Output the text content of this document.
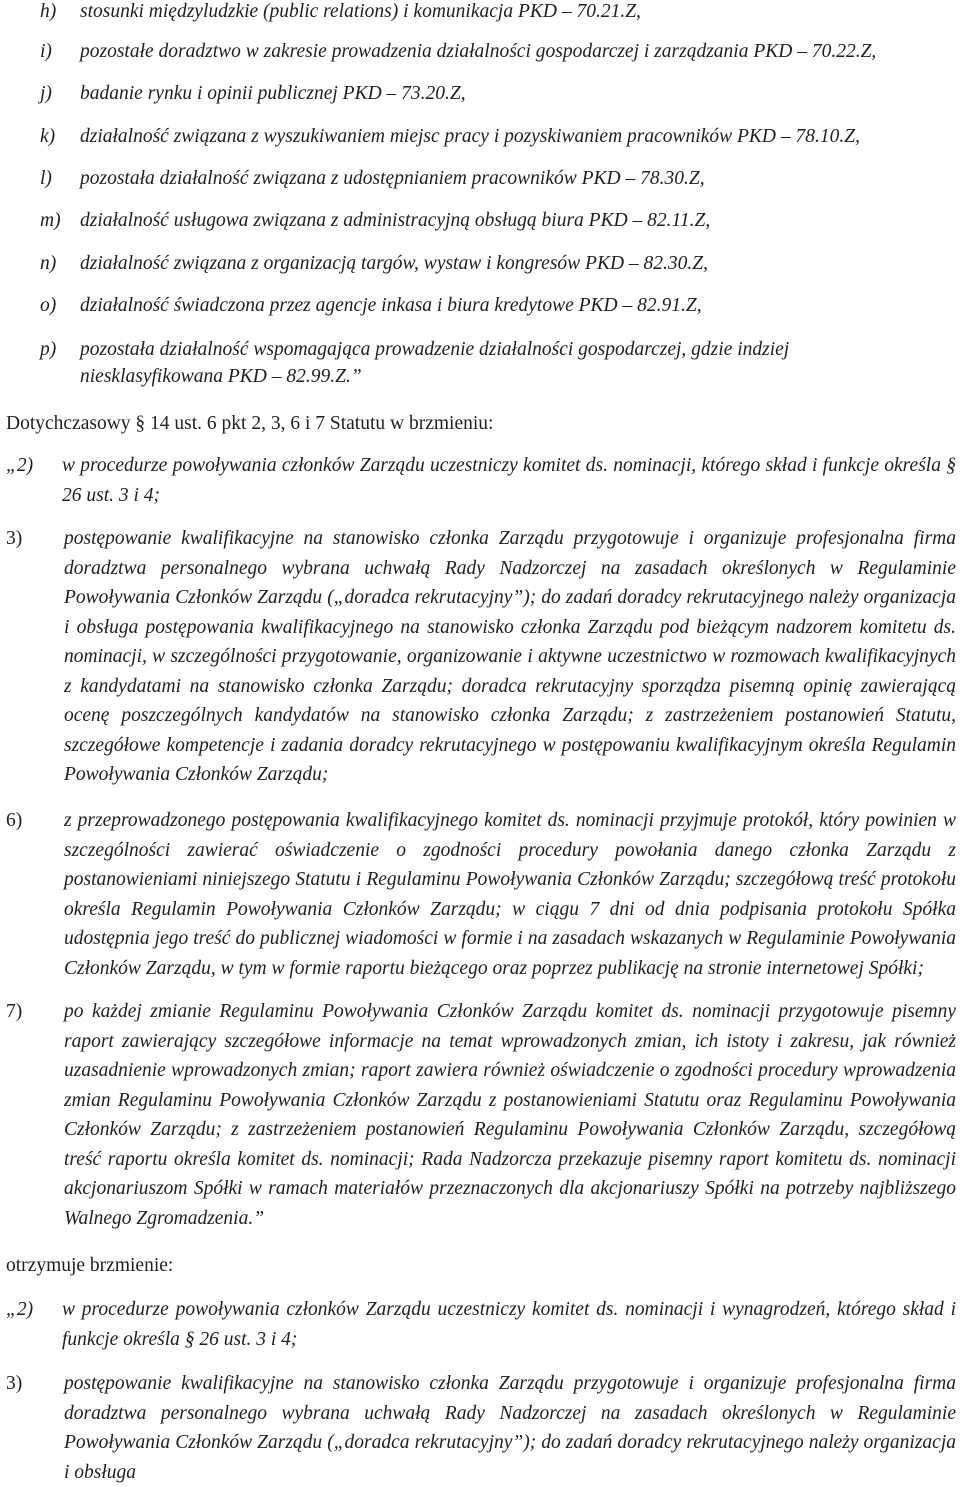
h) stosunki międzyludzkie (public relations) i komunikacja PKD – 70.21.Z,
i) pozostałe doradztwo w zakresie prowadzenia działalności gospodarczej i zarządzania PKD – 70.22.Z,
j) badanie rynku i opinii publicznej PKD – 73.20.Z,
k) działalność związana z wyszukiwaniem miejsc pracy i pozyskiwaniem pracowników PKD – 78.10.Z,
l) pozostała działalność związana z udostępnianiem pracowników PKD – 78.30.Z,
m) działalność usługowa związana z administracyjną obsługą biura PKD – 82.11.Z,
n) działalność związana z organizacją targów, wystaw i kongresów PKD – 82.30.Z,
o) działalność świadczona przez agencje inkasa i biura kredytowe PKD – 82.91.Z,
p) pozostała działalność wspomagająca prowadzenie działalności gospodarczej, gdzie indziej niesklasyfikowana PKD – 82.99.Z.”
Dotychczasowy § 14 ust. 6 pkt 2, 3, 6 i 7 Statutu w brzmieniu:
„2) w procedurze powoływania członków Zarządu uczestniczy komitet ds. nominacji, którego skład i funkcje określa § 26 ust. 3 i 4;
3) postępowanie kwalifikacyjne na stanowisko członka Zarządu przygotowuje i organizuje profesjonalna firma doradztwa personalnego wybrana uchwałą Rady Nadzorczej na zasadach określonych w Regulaminie Powoływania Członków Zarządu („doradca rekrutacyjny”); do zadań doradcy rekrutacyjnego należy organizacja i obsługa postępowania kwalifikacyjnego na stanowisko członka Zarządu pod bieżącym nadzorem komitetu ds. nominacji, w szczególności przygotowanie, organizowanie i aktywne uczestnictwo w rozmowach kwalifikacyjnych z kandydatami na stanowisko członka Zarządu; doradca rekrutacyjny sporządza pisemną opinię zawierającą ocenę poszczególnych kandydatów na stanowisko członka Zarządu; z zastrzeżeniem postanowień Statutu, szczegółowe kompetencje i zadania doradcy rekrutacyjnego w postępowaniu kwalifikacyjnym określa Regulamin Powoływania Członków Zarządu;
6) z przeprowadzonego postępowania kwalifikacyjnego komitet ds. nominacji przyjmuje protokół, który powinien w szczególności zawierać oświadczenie o zgodności procedury powołania danego członka Zarządu z postanowieniami niniejszego Statutu i Regulaminu Powoływania Członków Zarządu; szczegółową treść protokołu określa Regulamin Powoływania Członków Zarządu; w ciągu 7 dni od dnia podpisania protokołu Spółka udostępnia jego treść do publicznej wiadomości w formie i na zasadach wskazanych w Regulaminie Powoływania Członków Zarządu, w tym w formie raportu bieżącego oraz poprzez publikację na stronie internetowej Spółki;
7) po każdej zmianie Regulaminu Powoływania Członków Zarządu komitet ds. nominacji przygotowuje pisemny raport zawierający szczegółowe informacje na temat wprowadzonych zmian, ich istoty i zakresu, jak również uzasadnienie wprowadzonych zmian; raport zawiera również oświadczenie o zgodności procedury wprowadzenia zmian Regulaminu Powoływania Członków Zarządu z postanowieniami Statutu oraz Regulaminu Powoływania Członków Zarządu; z zastrzeżeniem postanowień Regulaminu Powoływania Członków Zarządu, szczegółową treść raportu określa komitet ds. nominacji; Rada Nadzorcza przekazuje pisemny raport komitetu ds. nominacji akcjonariuszom Spółki w ramach materiałów przeznaczonych dla akcjonariuszy Spółki na potrzeby najbliższego Walnego Zgromadzenia.”
otrzymuje brzmienie:
„2) w procedurze powoływania członków Zarządu uczestniczy komitet ds. nominacji i wynagrodzeń, którego skład i funkcje określa § 26 ust. 3 i 4;
3) postępowanie kwalifikacyjne na stanowisko członka Zarządu przygotowuje i organizuje profesjonalna firma doradztwa personalnego wybrana uchwałą Rady Nadzorczej na zasadach określonych w Regulaminie Powoływania Członków Zarządu („doradca rekrutacyjny”); do zadań doradcy rekrutacyjnego należy organizacja i obsługa
